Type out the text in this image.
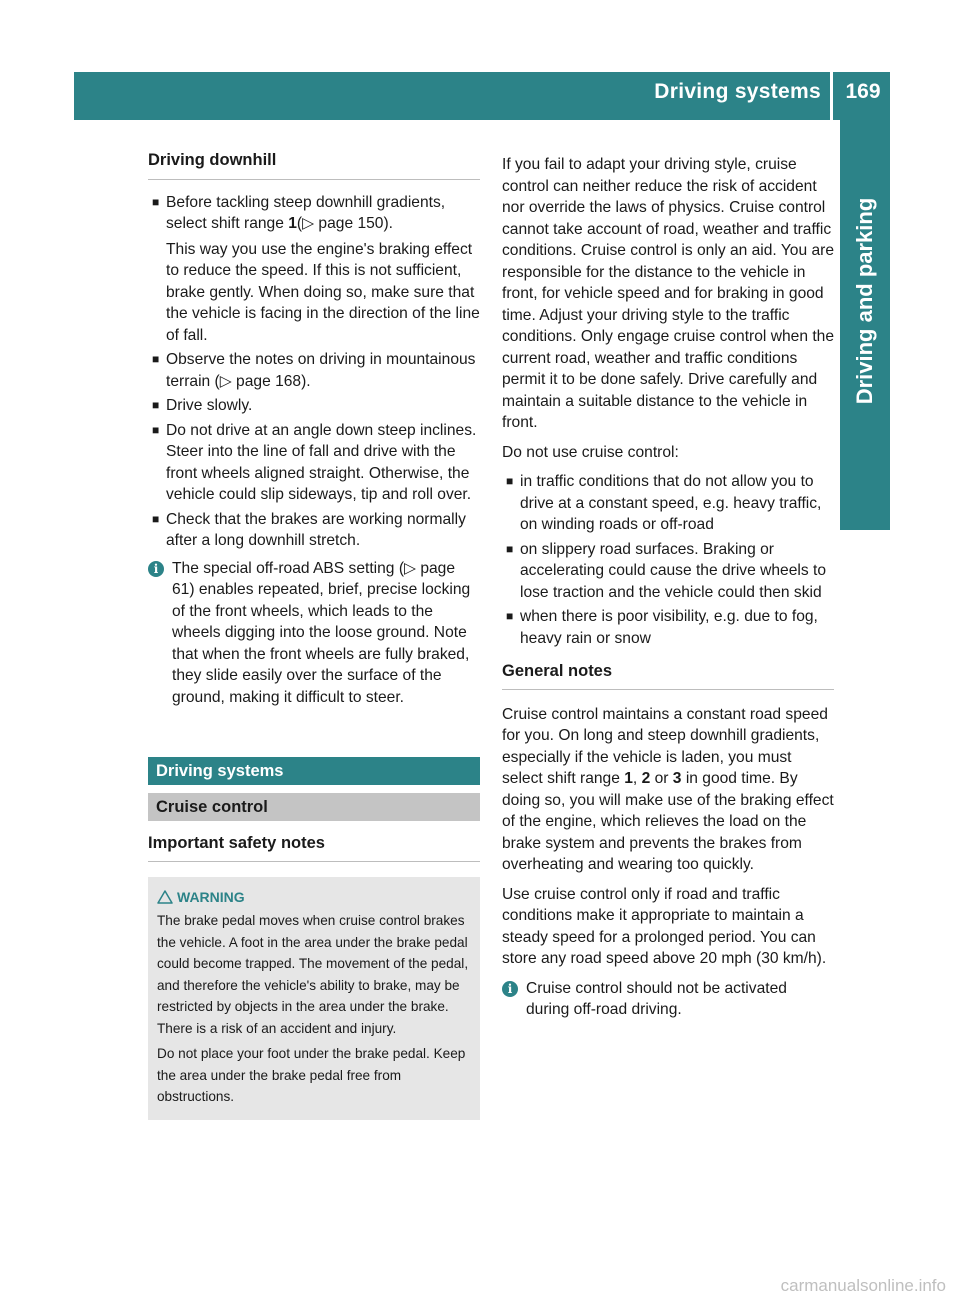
Driving systems	169
Driving and parking
Driving downhill
■ Before tackling steep downhill gradients, select shift range 1(▷ page 150).

This way you use the engine's braking effect to reduce the speed. If this is not sufficient, brake gently. When doing so, make sure that the vehicle is facing in the direction of the line of fall.

■ Observe the notes on driving in mountainous terrain (▷ page 168).
■ Drive slowly.
■ Do not drive at an angle down steep inclines. Steer into the line of fall and drive with the front wheels aligned straight. Otherwise, the vehicle could slip sideways, tip and roll over.
■ Check that the brakes are working normally after a long downhill stretch.
i The special off-road ABS setting (▷ page 61) enables repeated, brief, precise locking of the front wheels, which leads to the wheels digging into the loose ground. Note that when the front wheels are fully braked, they slide easily over the surface of the ground, making it difficult to steer.
Driving systems
Cruise control
Important safety notes
WARNING

The brake pedal moves when cruise control brakes the vehicle. A foot in the area under the brake pedal could become trapped. The movement of the pedal, and therefore the vehicle's ability to brake, may be restricted by objects in the area under the brake. There is a risk of an accident and injury.

Do not place your foot under the brake pedal. Keep the area under the brake pedal free from obstructions.

If you fail to adapt your driving style, cruise control can neither reduce the risk of accident nor override the laws of physics. Cruise control cannot take account of road, weather and traffic conditions. Cruise control is only an aid. You are responsible for the distance to the vehicle in front, for vehicle speed and for braking in good time. Adjust your driving style to the traffic conditions. Only engage cruise control when the current road, weather and traffic conditions permit it to be done safely. Drive carefully and maintain a suitable distance to the vehicle in front.

Do not use cruise control:

■ in traffic conditions that do not allow you to drive at a constant speed, e.g. heavy traffic, on winding roads or off-road
■ on slippery road surfaces. Braking or accelerating could cause the drive wheels to lose traction and the vehicle could then skid
■ when there is poor visibility, e.g. due to fog, heavy rain or snow
General notes

Cruise control maintains a constant road speed for you. On long and steep downhill gradients, especially if the vehicle is laden, you must select shift range 1, 2 or 3 in good time. By doing so, you will make use of the braking effect of the engine, which relieves the load on the brake system and prevents the brakes from overheating and wearing too quickly.

Use cruise control only if road and traffic conditions make it appropriate to maintain a steady speed for a prolonged period. You can store any road speed above 20 mph (30 km/h).

i Cruise control should not be activated during off-road driving.
carmanualsonline.info
